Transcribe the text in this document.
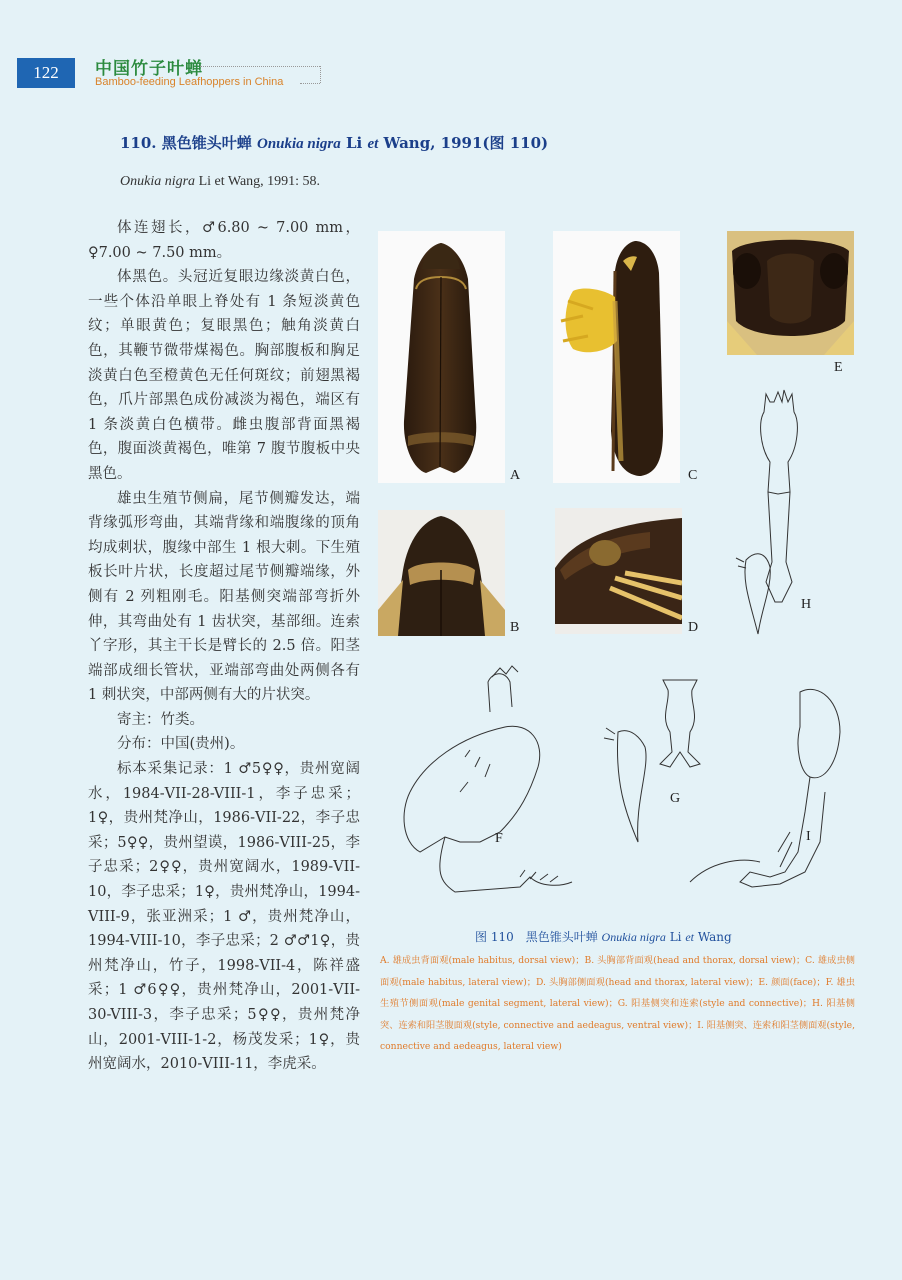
122	中国竹子叶蝉
Bamboo-feeding Leafhoppers in China
110. 黑色锥头叶蝉 Onukia nigra Li et Wang, 1991(图 110)
Onukia nigra Li et Wang, 1991: 58.

体连翅长，♂6.80 ~ 7.00 mm，♀7.00 ~ 7.50 mm。

体黑色。头冠近复眼边缘淡黄白色，一些个体沿单眼上脊处有 1 条短淡黄色纹；单眼黄色；复眼黑色；触角淡黄白色，其鞭节微带煤褐色。胸部腹板和胸足淡黄白色至橙黄色无任何斑纹；前翅黑褐色，爪片部黑色成份减淡为褐色，端区有 1 条淡黄白色横带。雌虫腹部背面黑褐色，腹面淡黄褐色，唯第 7 腹节腹板中央黑色。

雄虫生殖节侧扁，尾节侧瓣发达，端背缘弧形弯曲，其端背缘和端腹缘的顶角均成刺状，腹缘中部生 1 根大刺。下生殖板长叶片状，长度超过尾节侧瓣端缘，外侧有 2 列粗刚毛。阳基侧突端部弯折外伸，其弯曲处有 1 齿状突，基部细。连索丫字形，其主干长是臂长的 2.5 倍。阳茎端部成细长管状，亚端部弯曲处两侧各有 1 刺状突，中部两侧有大的片状突。

寄主：竹类。

分布：中国(贵州)。

标本采集记录：1 ♂5♀♀，贵州宽阔水，1984-VII-28-VIII-1，李子忠采；1♀，贵州梵净山，1986-VII-22，李子忠采；5♀♀，贵州望谟，1986-VIII-25，李子忠采；2♀♀，贵州宽阔水，1989-VII-10，李子忠采；1♀，贵州梵净山，1994-VIII-9，张亚洲采；1 ♂，贵州梵净山，1994-VIII-10，李子忠采；2 ♂♂1♀，贵州梵净山，竹子，1998-VII-4，陈祥盛采；1 ♂6♀♀，贵州梵净山，2001-VII-30-VIII-3，李子忠采；5♀♀，贵州梵净山，2001-VIII-1-2，杨茂发采；1♀，贵州宽阔水，2010-VIII-11，李虎采。

A	C
E
B	D
H
F
G
I
图 110　黑色锥头叶蝉 Onukia nigra Li et Wang
A. 雄成虫背面观(male habitus, dorsal view)；B. 头胸部背面观(head and thorax, dorsal view)；C. 雄成虫侧面观(male habitus, lateral view)；D. 头胸部侧面观(head and thorax, lateral view)；E. 颜面(face)；F. 雄虫生殖节侧面观(male genital segment, lateral view)；G. 阳基侧突和连索(style and connective)；H. 阳基侧突、连索和阳茎腹面观(style, connective and aedeagus, ventral view)；I. 阳基侧突、连索和阳茎侧面观(style, connective and aedeagus, lateral view)
